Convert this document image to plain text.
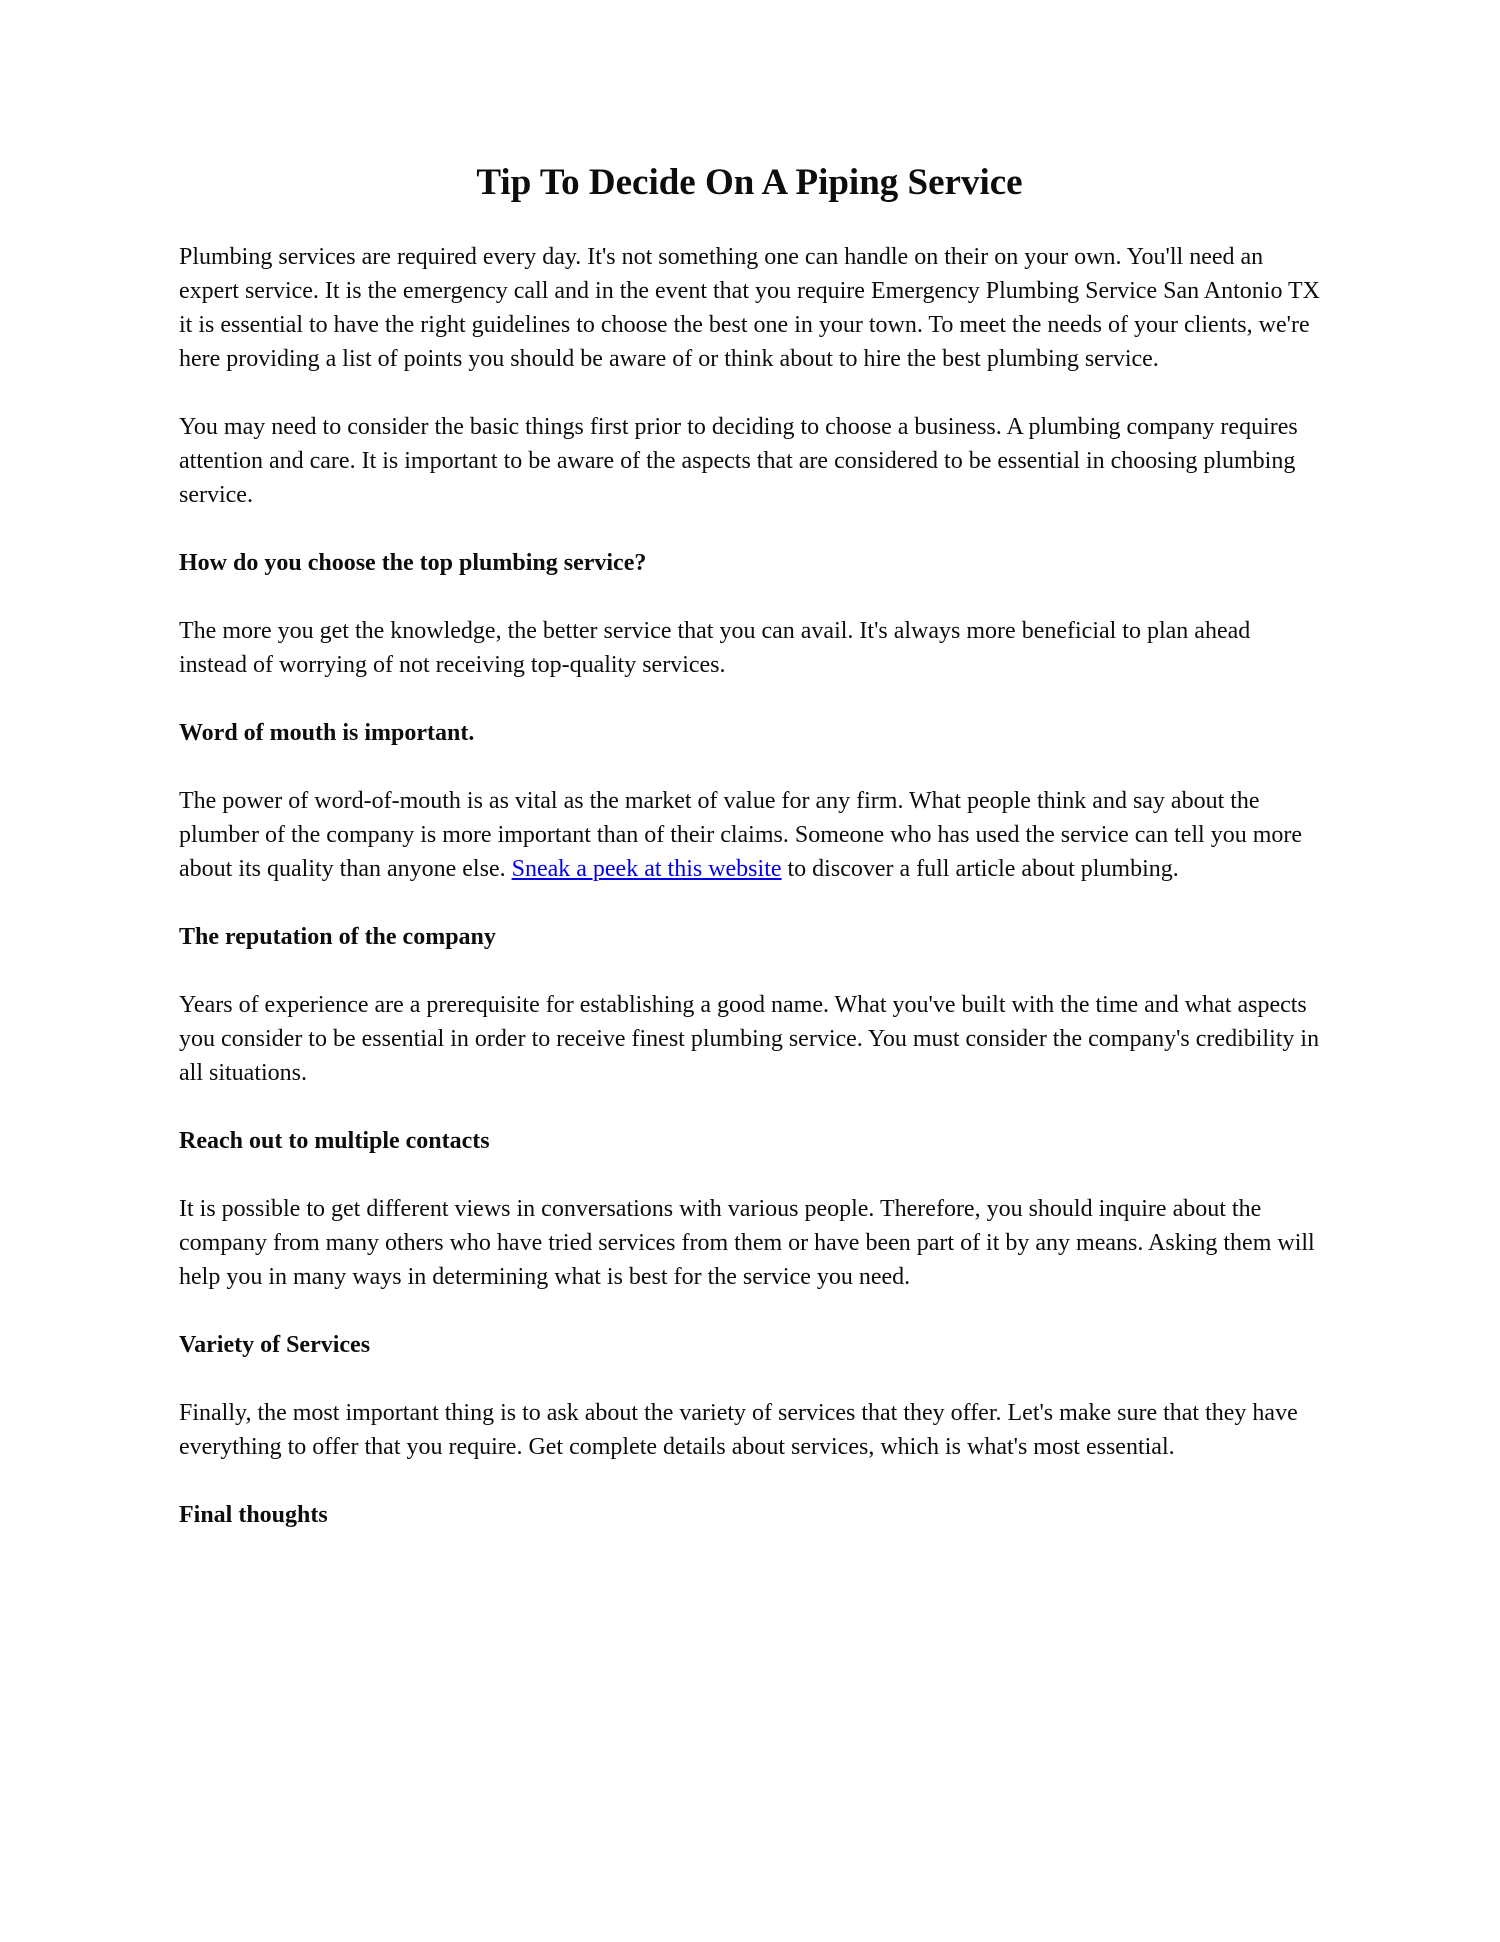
Tip To Decide On A Piping Service

Plumbing services are required every day. It's not something one can handle on their on your own. You'll need an expert service. It is the emergency call and in the event that you require Emergency Plumbing Service San Antonio TX it is essential to have the right guidelines to choose the best one in your town. To meet the needs of your clients, we're here providing a list of points you should be aware of or think about to hire the best plumbing service.

You may need to consider the basic things first prior to deciding to choose a business. A plumbing company requires attention and care. It is important to be aware of the aspects that are considered to be essential in choosing plumbing service.

How do you choose the top plumbing service?

The more you get the knowledge, the better service that you can avail. It's always more beneficial to plan ahead instead of worrying of not receiving top-quality services.

Word of mouth is important.

The power of word-of-mouth is as vital as the market of value for any firm. What people think and say about the plumber of the company is more important than of their claims. Someone who has used the service can tell you more about its quality than anyone else. Sneak a peek at this website to discover a full article about plumbing.

The reputation of the company

Years of experience are a prerequisite for establishing a good name. What you've built with the time and what aspects you consider to be essential in order to receive finest plumbing service. You must consider the company's credibility in all situations.

Reach out to multiple contacts

It is possible to get different views in conversations with various people. Therefore, you should inquire about the company from many others who have tried services from them or have been part of it by any means. Asking them will help you in many ways in determining what is best for the service you need.

Variety of Services

Finally, the most important thing is to ask about the variety of services that they offer. Let's make sure that they have everything to offer that you require. Get complete details about services, which is what's most essential.

Final thoughts
